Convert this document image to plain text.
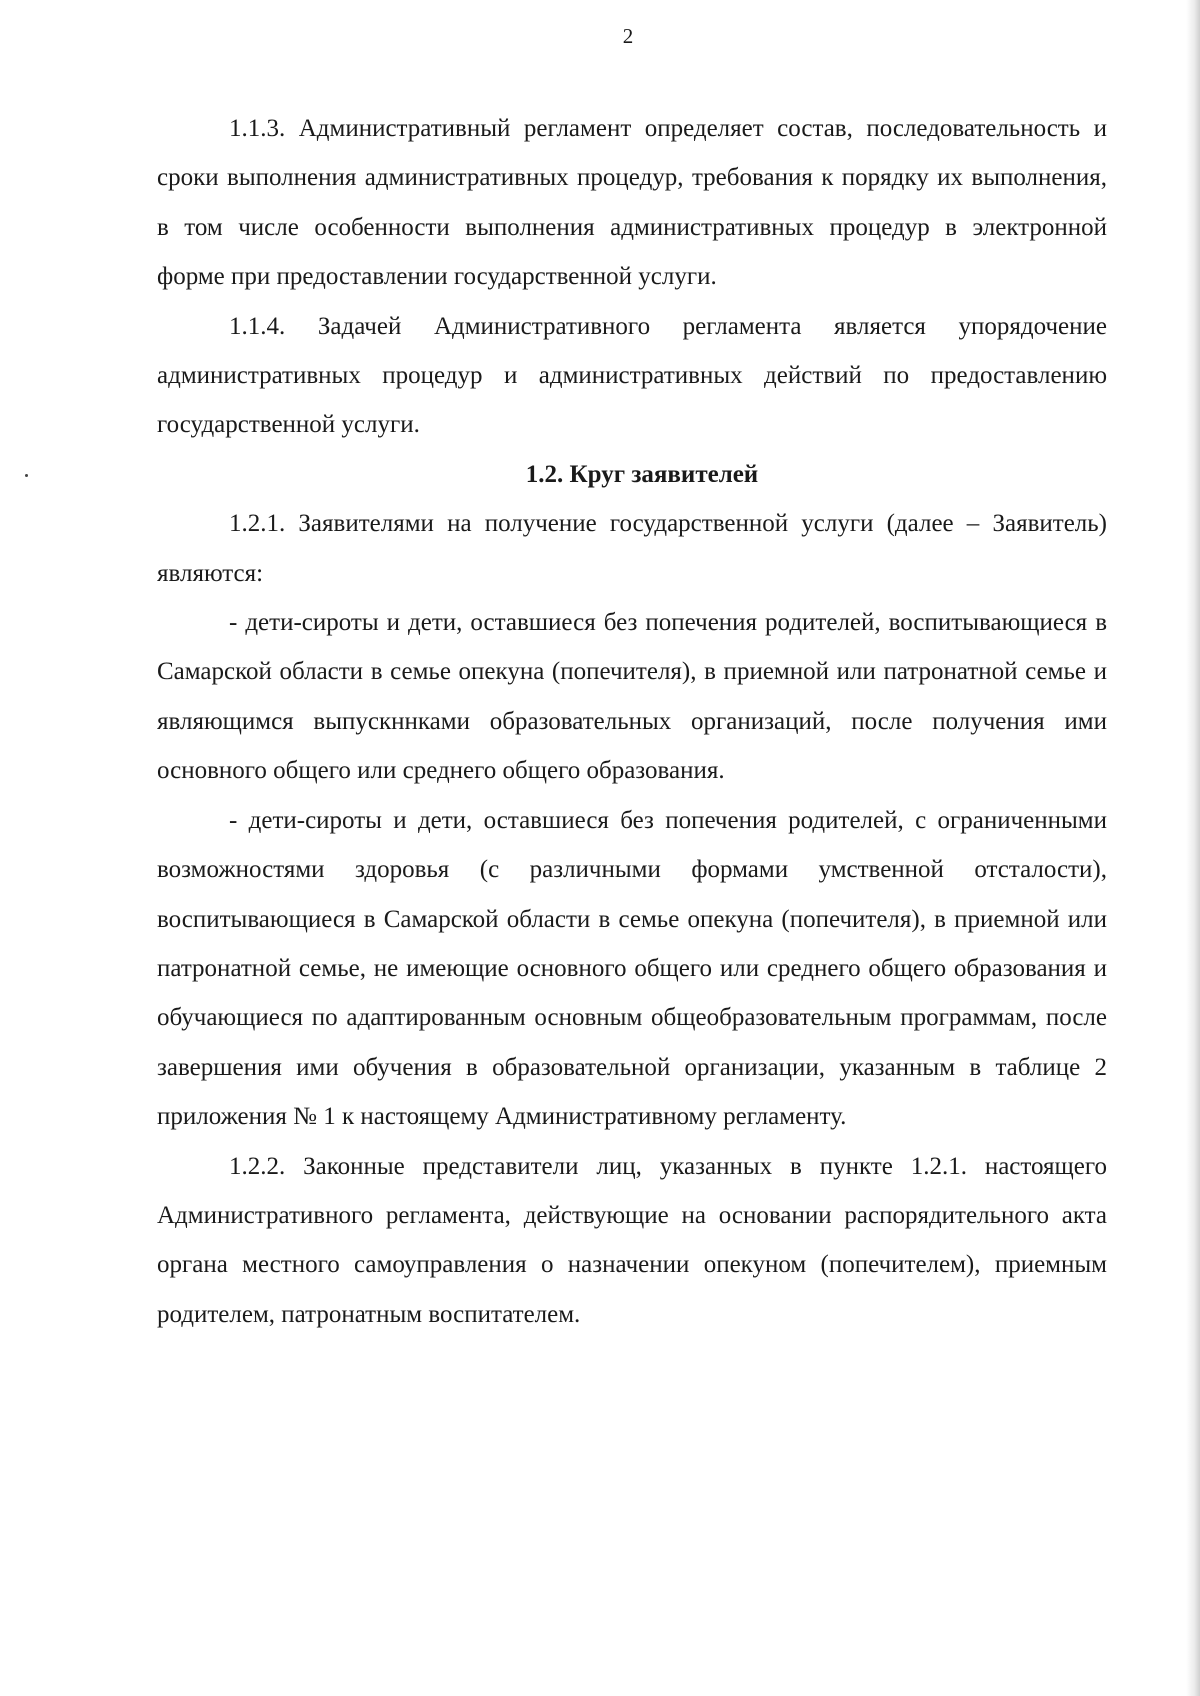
2

1.1.3. Административный регламент определяет состав, последовательность и сроки выполнения административных процедур, требования к порядку их выполнения, в том числе особенности выполнения административных процедур в электронной форме при предоставлении государственной услуги.

1.1.4. Задачей Административного регламента является упорядочение административных процедур и административных действий по предоставлению государственной услуги.

1.2. Круг заявителей

1.2.1. Заявителями на получение государственной услуги (далее – Заявитель) являются:

- дети-сироты и дети, оставшиеся без попечения родителей, воспитывающиеся в Самарской области в семье опекуна (попечителя), в приемной или патронатной семье и являющимся выпускннками образовательных организаций, после получения ими основного общего или среднего общего образования.

- дети-сироты и дети, оставшиеся без попечения родителей, с ограниченными возможностями здоровья (с различными формами умственной отсталости), воспитывающиеся в Самарской области в семье опекуна (попечителя), в приемной или патронатной семье, не имеющие основного общего или среднего общего образования и обучающиеся по адаптированным основным общеобразовательным программам, после завершения ими обучения в образовательной организации, указанным в таблице 2 приложения № 1 к настоящему Административному регламенту.

1.2.2. Законные представители лиц, указанных в пункте 1.2.1. настоящего Административного регламента, действующие на основании распорядительного акта органа местного самоуправления о назначении опекуном (попечителем), приемным родителем, патронатным воспитателем.
